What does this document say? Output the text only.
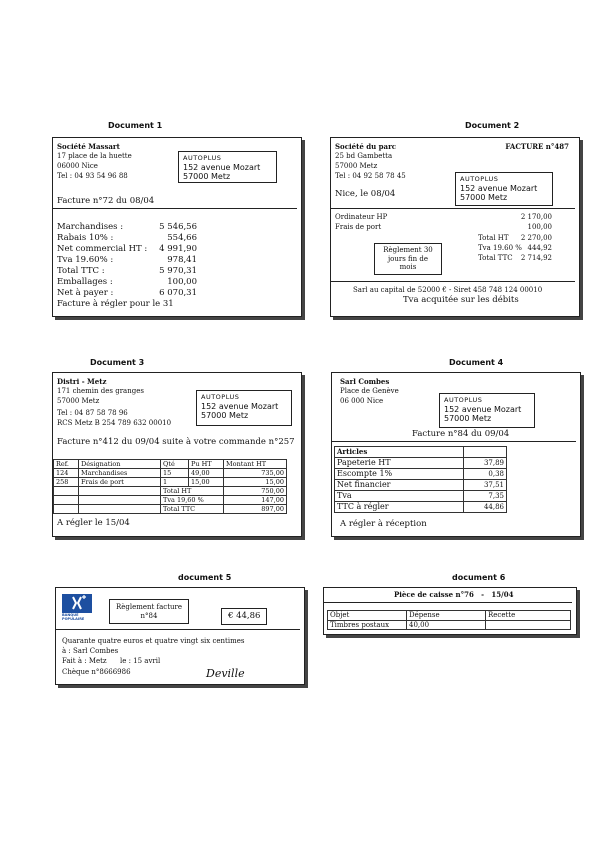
Document 1	Document 2
Document 3	Document 4
document 5	document 6
Société Massart
17 place de la huette
06000 Nice
Tel : 04 93 54 96 88
AUTOPLUS
152 avenue Mozart
57000 Metz
Facture n°72 du 08/04
Marchandises :	5 546,56
Rabais 10% :	554,66
Net commercial HT : 4 991,90
Tva 19.60% :	978,41
Total TTC :	5 970,31
Emballages :	100,00
Net à payer :	6 070,31
Facture à régler pour le 31
Société du parc	FACTURE n°487
25 bd Gambetta
57000 Metz
Tel : 04 92 58 78 45	AUTOPLUS
152 avenue Mozart
57000 Metz
Nice, le 08/04
Ordinateur HP	2 170,00
Frais de port	100,00
Règlement 30 jours fin de mois
Total HT 2 270,00
Tva 19.60 % 444,92
Total TTC 2 714,92
Sarl au capital de 52000 € - Siret 458 748 124 00010
Tva acquitée sur les débits
Distri - Metz
171 chemin des granges
57000 Metz
Tel : 04 87 58 78 96
RCS Metz B 254 789 632 00010
AUTOPLUS
152 avenue Mozart
57000 Metz
Facture n°412 du 09/04 suite à votre commande n°257
Ref.	Désignation	Qté	Pu HT	Montant HT
124	Marchandises	15	49,00	735,00
258	Frais de port	1	15,00	15,00
		Total HT		750,00
		Tva 19,60 %		147,00
		Total TTC		897,00
A régler le 15/04
Sarl Combes
Place de Genève
06 000 Nice	AUTOPLUS
152 avenue Mozart
57000 Metz
Facture n°84 du 09/04
Articles	
Papeterie HT	37,89
Escompte 1%	0,38
Net financier	37,51
Tva	7,35
TTC à régler	44,86
A régler à réception
BANQUE POPULAIRE
Règlement facture n°84	€ 44,86
Quarante quatre euros et quatre vingt six centimes
à : Sarl Combes
Fait à : Metz      le : 15 avril
Chèque n°8666986	Deville
Pièce de caisse n°76   -   15/04
Objet	Dépense	Recette
Timbres postaux	40,00	
